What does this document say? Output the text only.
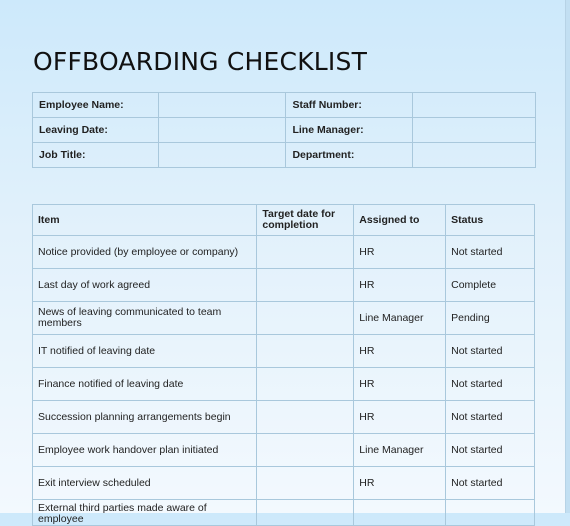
OFFBOARDING CHECKLIST
Employee Name:		Staff Number:	
Leaving Date:		Line Manager:	
Job Title:		Department:	
Item	Target date for completion	Assigned to	Status
Notice provided (by employee or company)		HR	Not started
Last day of work agreed		HR	Complete
News of leaving communicated to team members		Line Manager	Pending
IT notified of leaving date		HR	Not started
Finance notified of leaving date		HR	Not started
Succession planning arrangements begin		HR	Not started
Employee work handover plan initiated		Line Manager	Not started
Exit interview scheduled		HR	Not started
External third parties made aware of employee			
